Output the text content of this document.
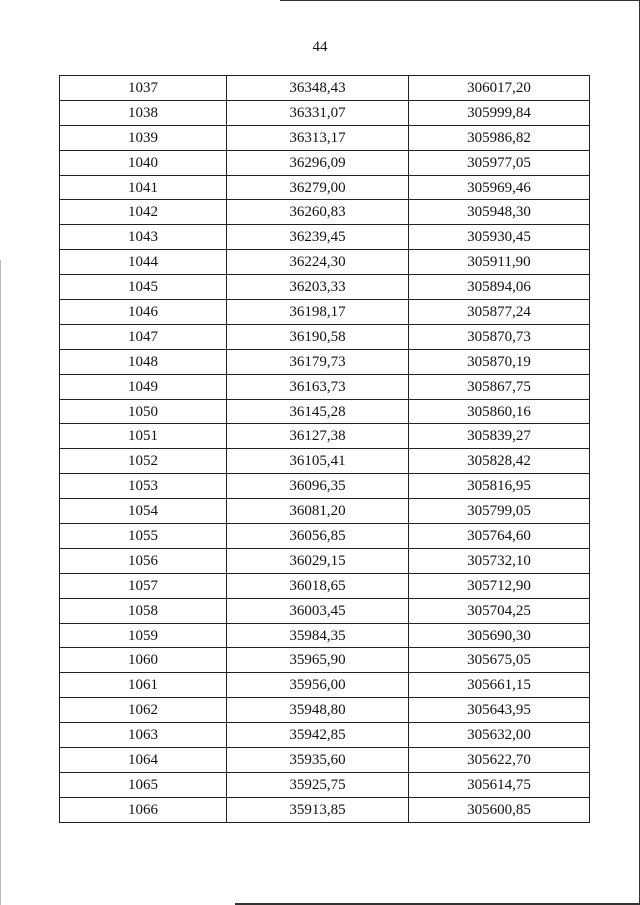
44
1037	36348,43	306017,20
1038	36331,07	305999,84
1039	36313,17	305986,82
1040	36296,09	305977,05
1041	36279,00	305969,46
1042	36260,83	305948,30
1043	36239,45	305930,45
1044	36224,30	305911,90
1045	36203,33	305894,06
1046	36198,17	305877,24
1047	36190,58	305870,73
1048	36179,73	305870,19
1049	36163,73	305867,75
1050	36145,28	305860,16
1051	36127,38	305839,27
1052	36105,41	305828,42
1053	36096,35	305816,95
1054	36081,20	305799,05
1055	36056,85	305764,60
1056	36029,15	305732,10
1057	36018,65	305712,90
1058	36003,45	305704,25
1059	35984,35	305690,30
1060	35965,90	305675,05
1061	35956,00	305661,15
1062	35948,80	305643,95
1063	35942,85	305632,00
1064	35935,60	305622,70
1065	35925,75	305614,75
1066	35913,85	305600,85
